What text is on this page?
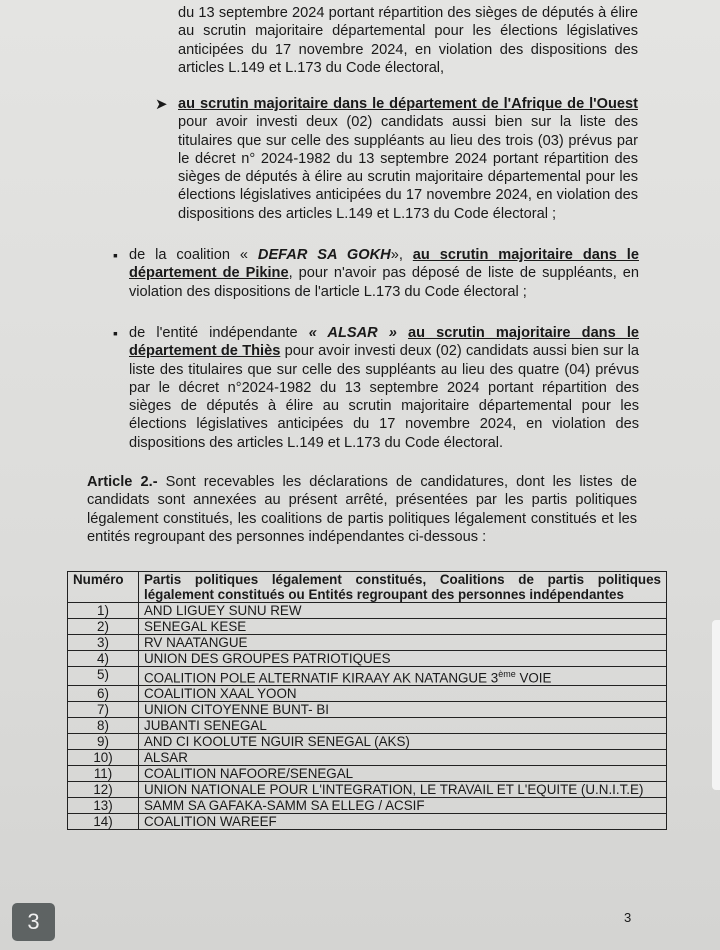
du 13 septembre 2024 portant répartition des sièges de députés à élire au scrutin majoritaire départemental pour les élections législatives anticipées du 17 novembre 2024, en violation des dispositions des articles L.149 et L.173 du Code électoral,
➤ au scrutin majoritaire dans le département de l'Afrique de l'Ouest pour avoir investi deux (02) candidats aussi bien sur la liste des titulaires que sur celle des suppléants au lieu des trois (03) prévus par le décret n° 2024-1982 du 13 septembre 2024 portant répartition des sièges de députés à élire au scrutin majoritaire départemental pour les élections législatives anticipées du 17 novembre 2024, en violation des dispositions des articles L.149 et L.173 du Code électoral ;
▪ de la coalition « DEFAR SA GOKH», au scrutin majoritaire dans le département de Pikine, pour n'avoir pas déposé de liste de suppléants, en violation des dispositions de l'article L.173 du Code électoral ;
▪ de l'entité indépendante « ALSAR » au scrutin majoritaire dans le département de Thiès pour avoir investi deux (02) candidats aussi bien sur la liste des titulaires que sur celle des suppléants au lieu des quatre (04) prévus par le décret n°2024-1982 du 13 septembre 2024 portant répartition des sièges de députés à élire au scrutin majoritaire départemental pour les élections législatives anticipées du 17 novembre 2024, en violation des dispositions des articles L.149 et L.173 du Code électoral.
Article 2.- Sont recevables les déclarations de candidatures, dont les listes de candidats sont annexées au présent arrêté, présentées par les partis politiques légalement constitués, les coalitions de partis politiques légalement constitués et les entités regroupant des personnes indépendantes ci-dessous :
Numéro	Partis politiques légalement constitués, Coalitions de partis politiques légalement constitués ou Entités regroupant des personnes indépendantes
1)	AND LIGUEY SUNU REW
2)	SENEGAL KESE
3)	RV NAATANGUE
4)	UNION DES GROUPES PATRIOTIQUES
5)	COALITION POLE ALTERNATIF KIRAAY AK NATANGUE 3ème VOIE
6)	COALITION XAAL YOON
7)	UNION CITOYENNE BUNT- BI
8)	JUBANTI SENEGAL
9)	AND CI KOOLUTE NGUIR SENEGAL (AKS)
10)	ALSAR
11)	COALITION NAFOORE/SENEGAL
12)	UNION NATIONALE POUR L'INTEGRATION, LE TRAVAIL ET L'EQUITE (U.N.I.T.E)
13)	SAMM SA GAFAKA-SAMM SA ELLEG / ACSIF
14)	COALITION WAREEF
3
3
